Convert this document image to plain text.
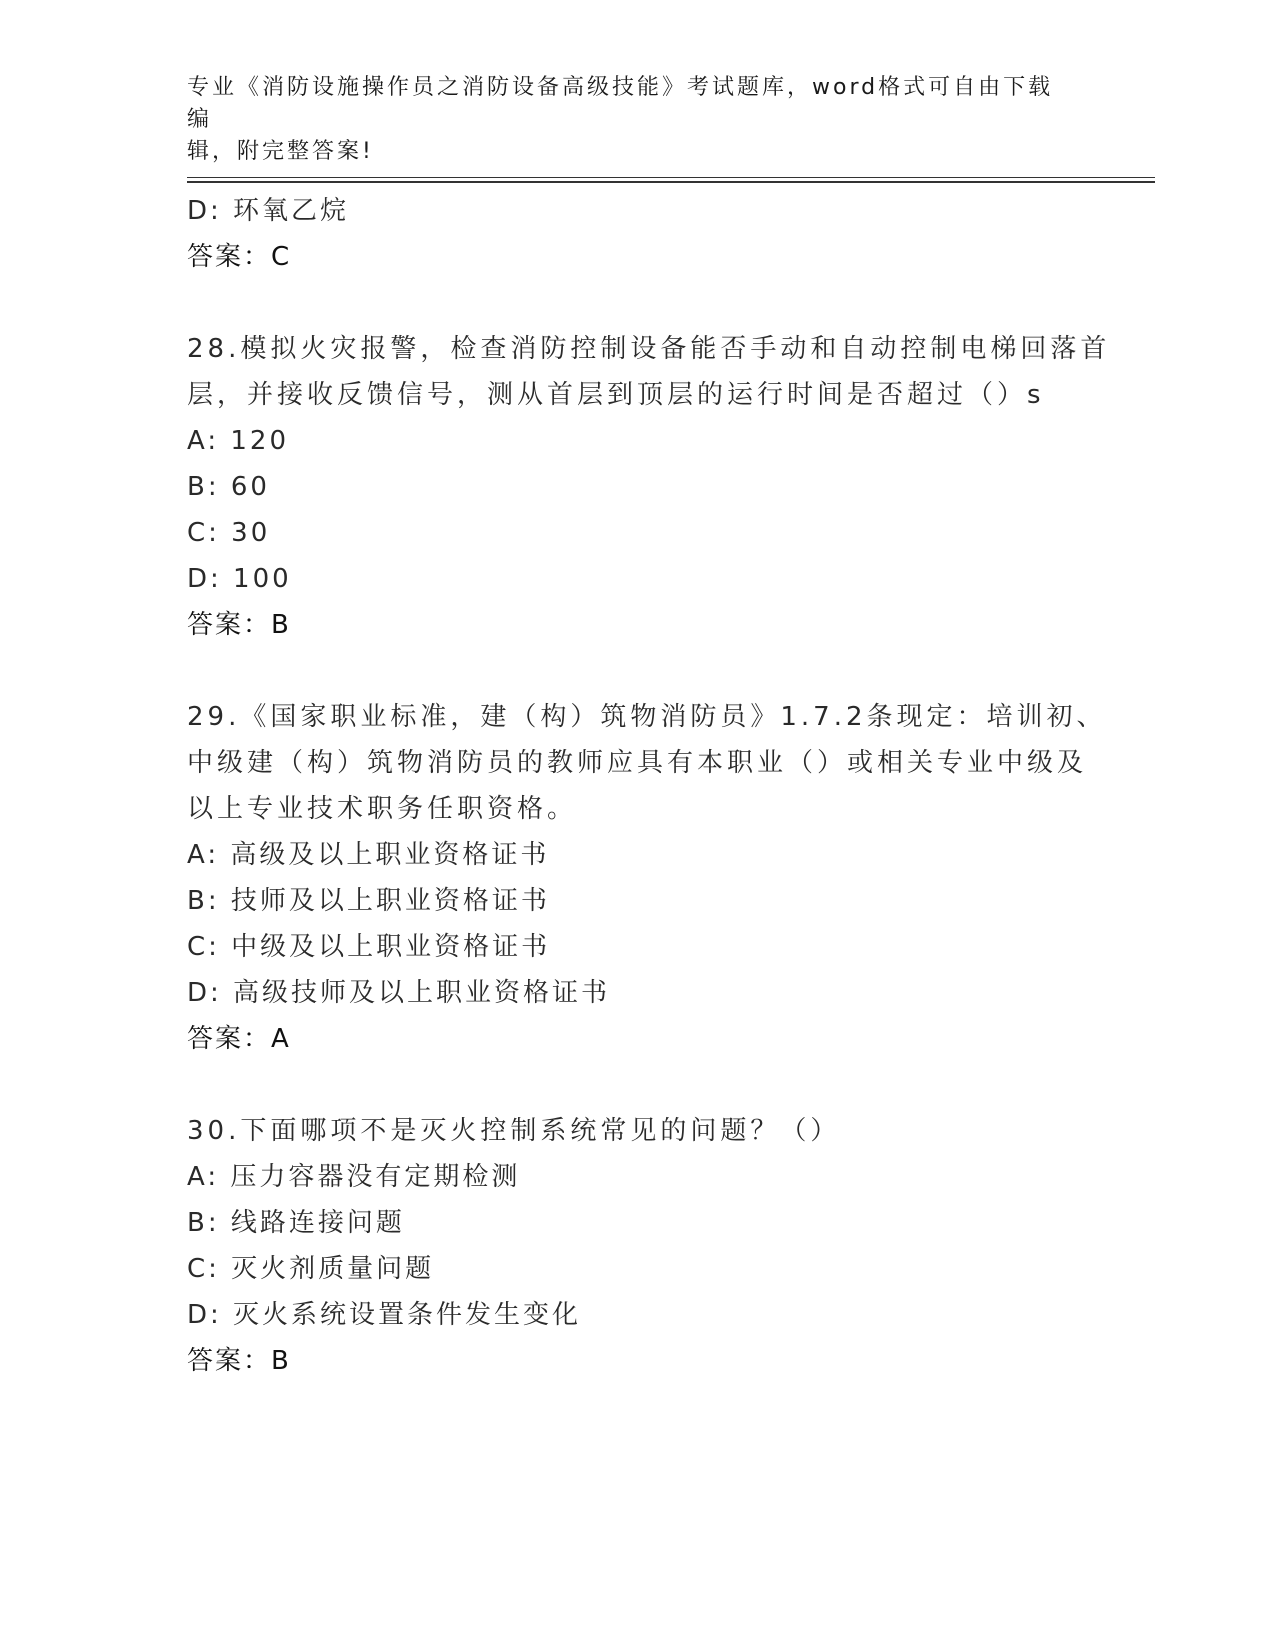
专业《消防设施操作员之消防设备高级技能》考试题库，word格式可自由下载编
辑，附完整答案!
D: 环氧乙烷
答案：C
28.模拟火灾报警，检查消防控制设备能否手动和自动控制电梯回落首
层，并接收反馈信号，测从首层到顶层的运行时间是否超过（）s
A: 120
B: 60
C: 30
D: 100
答案：B
29.《国家职业标准，建（构）筑物消防员》1.7.2条现定：培训初、
中级建（构）筑物消防员的教师应具有本职业（）或相关专业中级及
以上专业技术职务任职资格。
A: 高级及以上职业资格证书
B: 技师及以上职业资格证书
C: 中级及以上职业资格证书
D: 高级技师及以上职业资格证书
答案：A
30.下面哪项不是灭火控制系统常见的问题？（）
A: 压力容器没有定期检测
B: 线路连接问题
C: 灭火剂质量问题
D: 灭火系统设置条件发生变化
答案：B
